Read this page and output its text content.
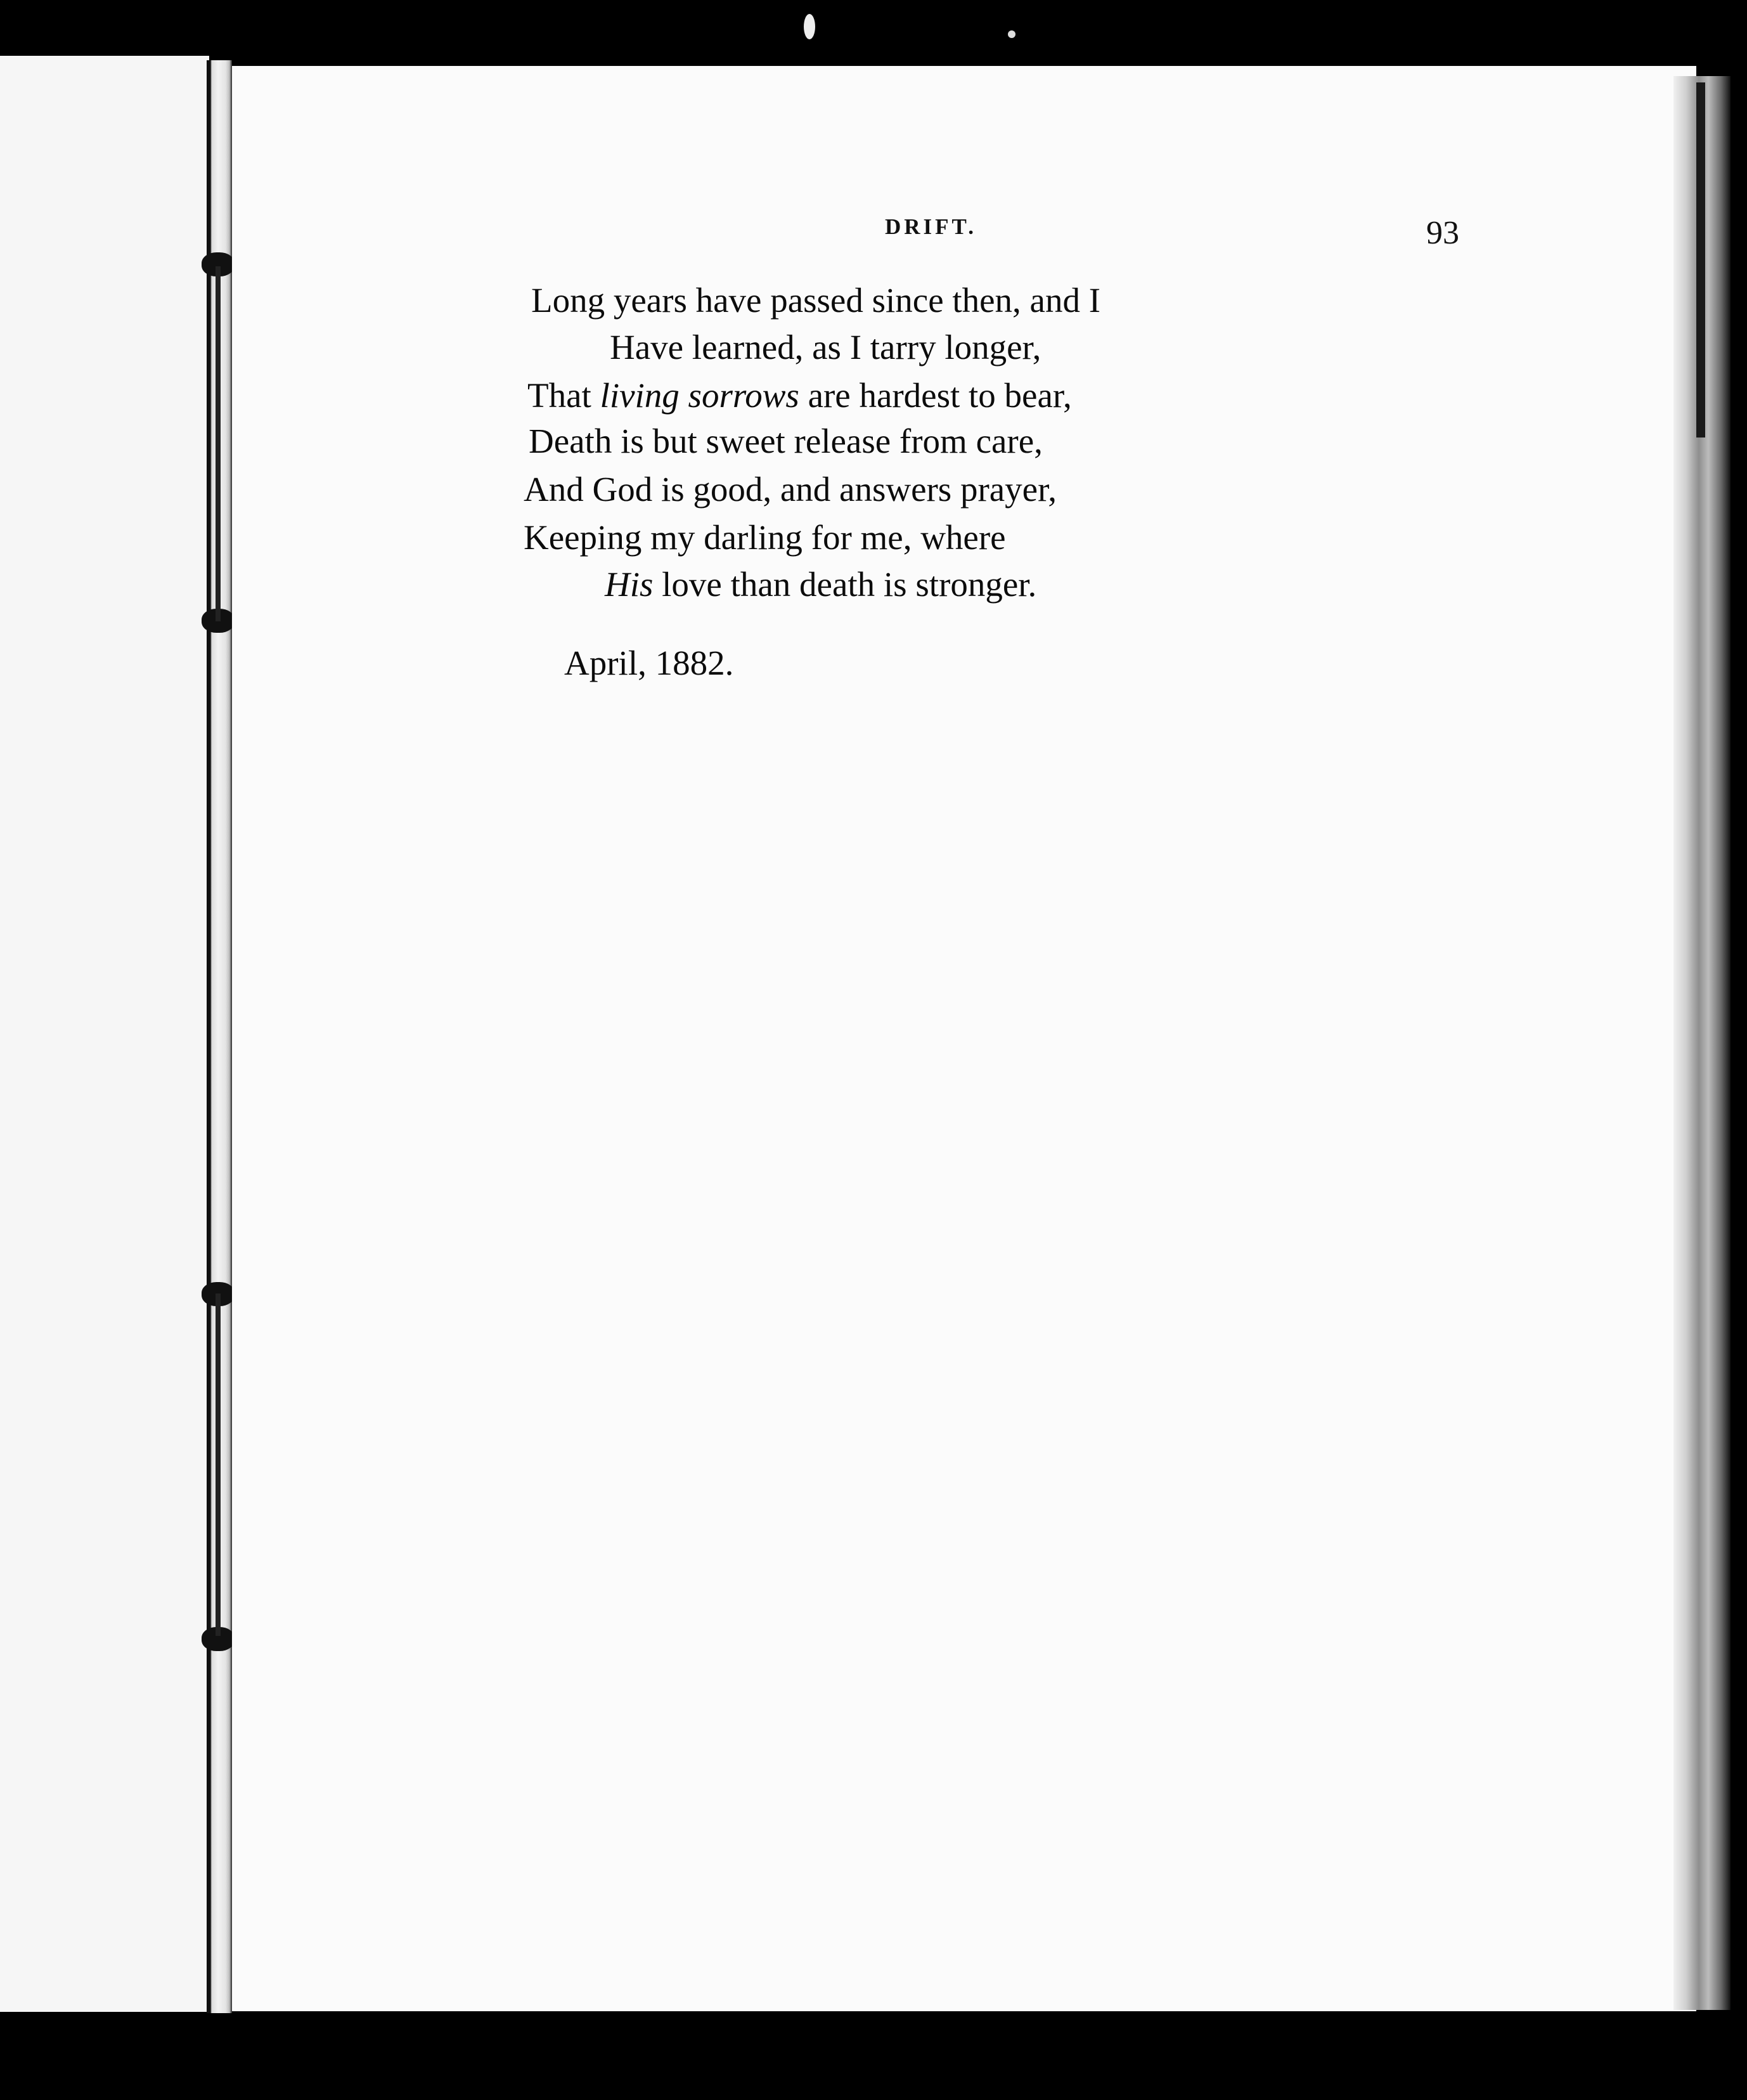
DRIFT.	93

Long years have passed since then, and I

Have learned, as I tarry longer,

That living sorrows are hardest to bear,

Death is but sweet release from care,

And God is good, and answers prayer,

Keeping my darling for me, where

His love than death is stronger.

April, 1882.
